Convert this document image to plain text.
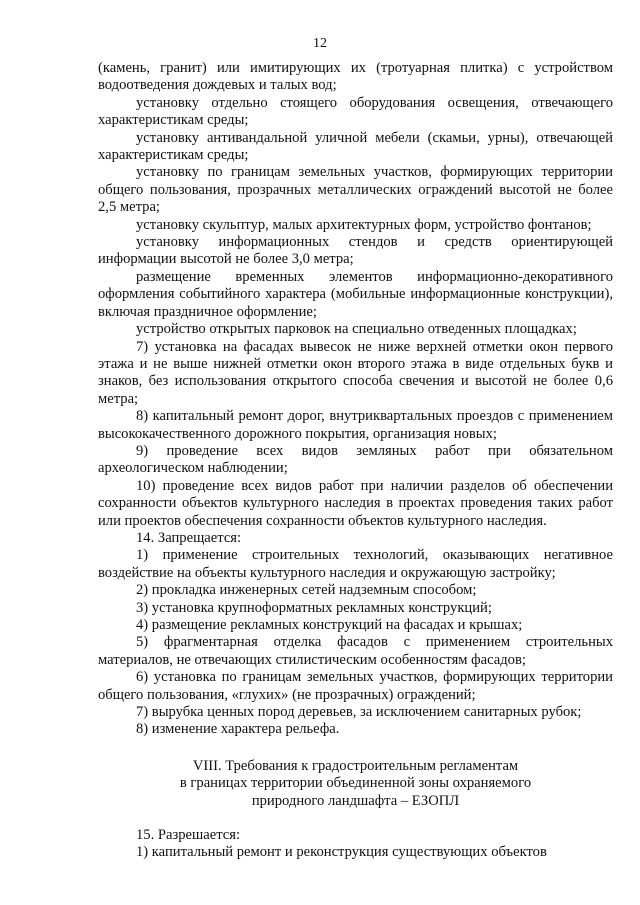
12

(камень, гранит) или имитирующих их (тротуарная плитка) с устройством водоотведения дождевых и талых вод;

установку отдельно стоящего оборудования освещения, отвечающего характеристикам среды;

установку антивандальной уличной мебели (скамьи, урны), отвечающей характеристикам среды;

установку по границам земельных участков, формирующих территории общего пользования, прозрачных металлических ограждений высотой не более 2,5 метра;

установку скульптур, малых архитектурных форм, устройство фонтанов;

установку информационных стендов и средств ориентирующей информации высотой не более 3,0 метра;

размещение временных элементов информационно-декоративного оформления событийного характера (мобильные информационные конструкции), включая праздничное оформление;

устройство открытых парковок на специально отведенных площадках;

7) установка на фасадах вывесок не ниже верхней отметки окон первого этажа и не выше нижней отметки окон второго этажа в виде отдельных букв и знаков, без использования открытого способа свечения и высотой не более 0,6 метра;

8) капитальный ремонт дорог, внутриквартальных проездов с применением высококачественного дорожного покрытия, организация новых;

9) проведение всех видов земляных работ при обязательном археологическом наблюдении;

10) проведение всех видов работ при наличии разделов об обеспечении сохранности объектов культурного наследия в проектах проведения таких работ или проектов обеспечения сохранности объектов культурного наследия.

14. Запрещается:

1) применение строительных технологий, оказывающих негативное воздействие на объекты культурного наследия и окружающую застройку;

2) прокладка инженерных сетей надземным способом;

3) установка крупноформатных рекламных конструкций;

4) размещение рекламных конструкций на фасадах и крышах;

5) фрагментарная отделка фасадов с применением строительных материалов, не отвечающих стилистическим особенностям фасадов;

6) установка по границам земельных участков, формирующих территории общего пользования, «глухих» (не прозрачных) ограждений;

7) вырубка ценных пород деревьев, за исключением санитарных рубок;

8) изменение характера рельефа.

VIII. Требования к градостроительным регламентам
в границах территории объединенной зоны охраняемого
природного ландшафта – ЕЗОПЛ

15. Разрешается:

1) капитальный ремонт и реконструкция существующих объектов
